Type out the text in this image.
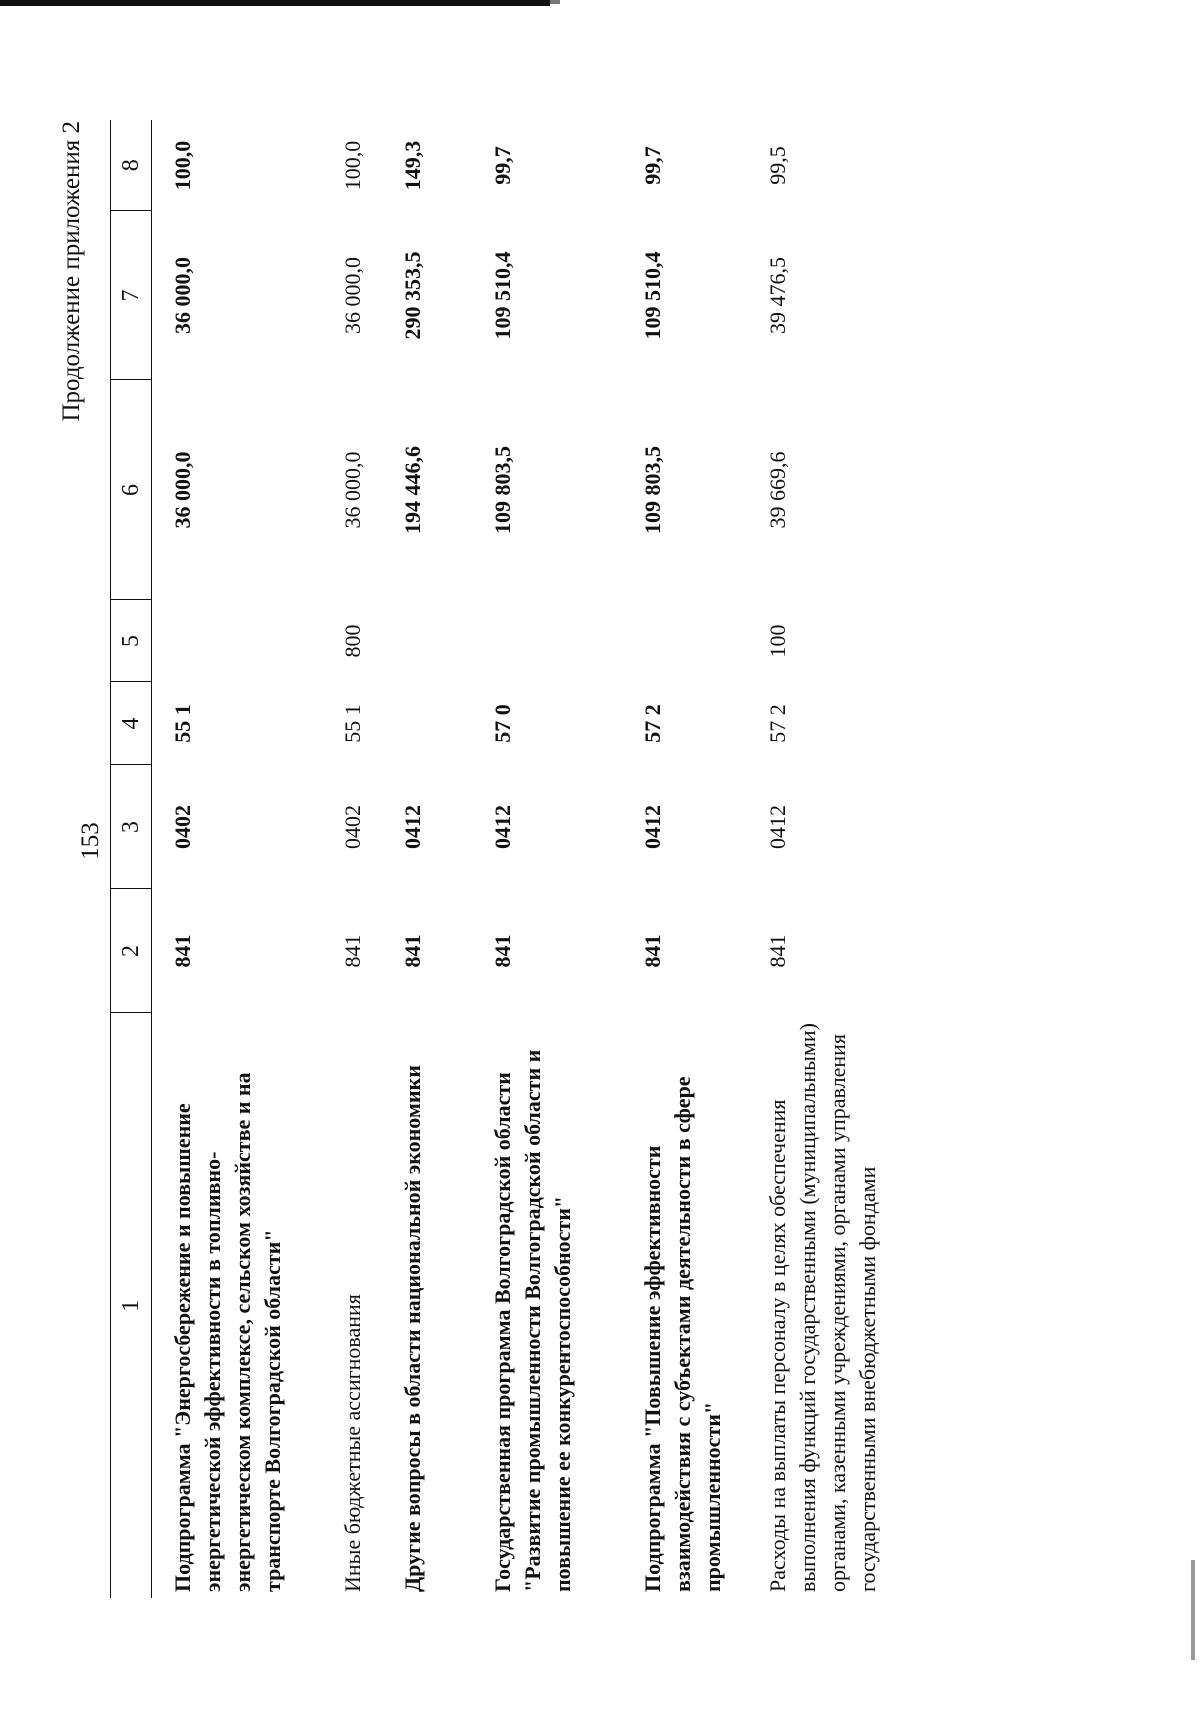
153
Продолжение приложения 2
1	2	3	4	5	6	7	8
Подпрограмма "Энергосбережение и повышение энергетической эффективности в топливно-энергетическом комплексе, сельском хозяйстве и на транспорте Волгоградской области"	841	0402	55 1		36 000,0	36 000,0	100,0
Иные бюджетные ассигнования	841	0402	55 1	800	36 000,0	36 000,0	100,0
Другие вопросы в области национальной экономики	841	0412			194 446,6	290 353,5	149,3
Государственная программа Волгоградской области "Развитие промышленности Волгоградской области и повышение ее конкурентоспособности"	841	0412	57 0		109 803,5	109 510,4	99,7
Подпрограмма "Повышение эффективности взаимодействия с субъектами деятельности в сфере промышленности"	841	0412	57 2		109 803,5	109 510,4	99,7
Расходы на выплаты персоналу в целях обеспечения выполнения функций государственными (муниципальными) органами, казенными учреждениями, органами управления государственными внебюджетными фондами	841	0412	57 2	100	39 669,6	39 476,5	99,5
